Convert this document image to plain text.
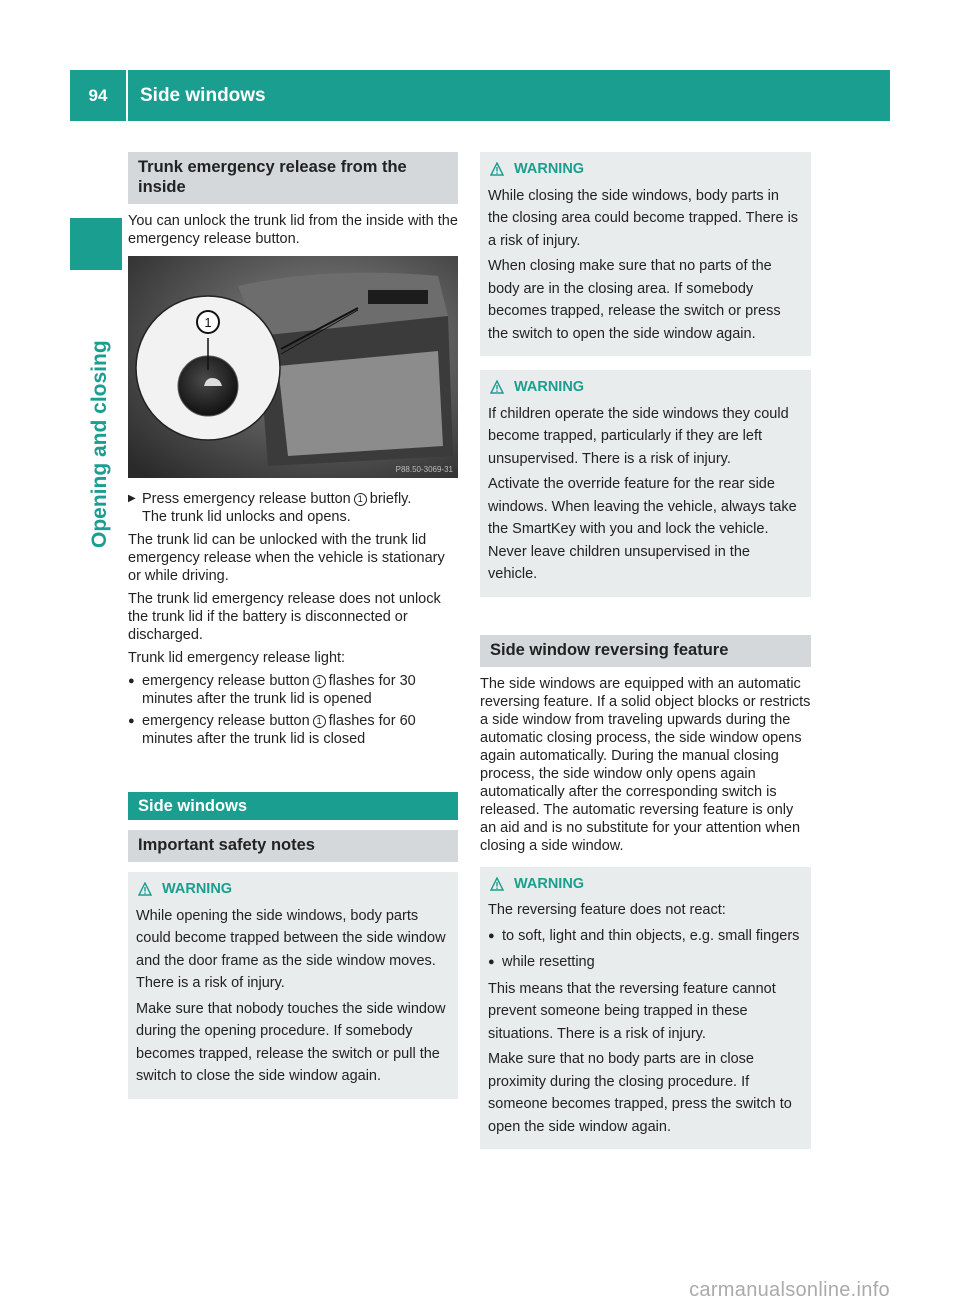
94	Side windows
Opening and closing
Trunk emergency release from the inside

You can unlock the trunk lid from the inside with the emergency release button.

1
P88.50-3069-31
▶ Press emergency release button 1 briefly.
The trunk lid unlocks and opens.

The trunk lid can be unlocked with the trunk lid emergency release when the vehicle is stationary or while driving.

The trunk lid emergency release does not unlock the trunk lid if the battery is disconnected or discharged.

Trunk lid emergency release light:

● emergency release button 1 flashes for 30 minutes after the trunk lid is opened
● emergency release button 1 flashes for 60 minutes after the trunk lid is closed
Side windows
Important safety notes
WARNING

While opening the side windows, body parts could become trapped between the side window and the door frame as the side window moves. There is a risk of injury.

Make sure that nobody touches the side window during the opening procedure. If somebody becomes trapped, release the switch or pull the switch to close the side window again.

WARNING

While closing the side windows, body parts in the closing area could become trapped. There is a risk of injury.

When closing make sure that no parts of the body are in the closing area. If somebody becomes trapped, release the switch or press the switch to open the side window again.

WARNING

If children operate the side windows they could become trapped, particularly if they are left unsupervised. There is a risk of injury.

Activate the override feature for the rear side windows. When leaving the vehicle, always take the SmartKey with you and lock the vehicle. Never leave children unsupervised in the vehicle.

Side window reversing feature

The side windows are equipped with an automatic reversing feature. If a solid object blocks or restricts a side window from traveling upwards during the automatic closing process, the side window opens again automatically. During the manual closing process, the side window only opens again automatically after the corresponding switch is released. The automatic reversing feature is only an aid and is no substitute for your attention when closing a side window.

WARNING

The reversing feature does not react:

● to soft, light and thin objects, e.g. small fingers
● while resetting

This means that the reversing feature cannot prevent someone being trapped in these situations. There is a risk of injury.

Make sure that no body parts are in close proximity during the closing procedure. If someone becomes trapped, press the switch to open the side window again.

carmanualsonline.info
